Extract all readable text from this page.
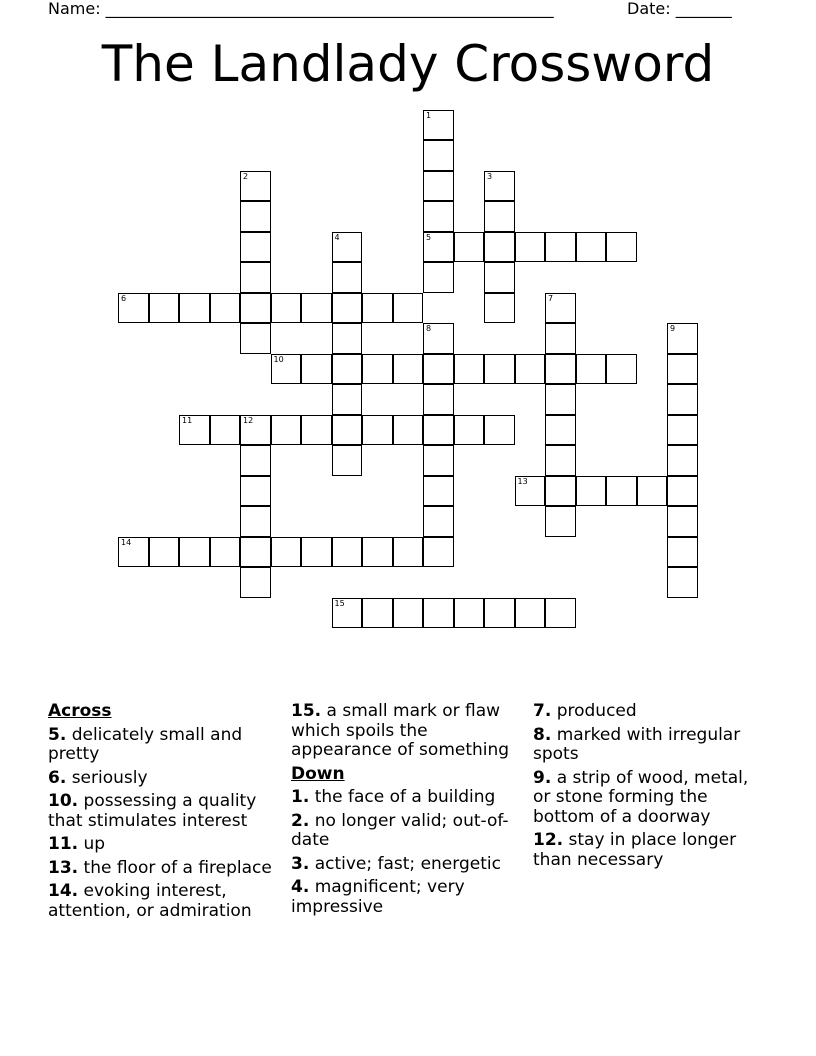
Name: ________________________________________________________	Date: _______
The Landlady Crossword
1
5
2	3
4
6	7
8	9
10
11	12
13
14
15
Across
5. delicately small and pretty
6. seriously
10. possessing a quality that stimulates interest
11. up
13. the floor of a fireplace
14. evoking interest, attention, or admiration
15. a small mark or flaw which spoils the appearance of something
Down
1. the face of a building
2. no longer valid; out-of-date
3. active; fast; energetic
4. magnificent; very impressive
7. produced
8. marked with irregular spots
9. a strip of wood, metal, or stone forming the bottom of a doorway
12. stay in place longer than necessary
